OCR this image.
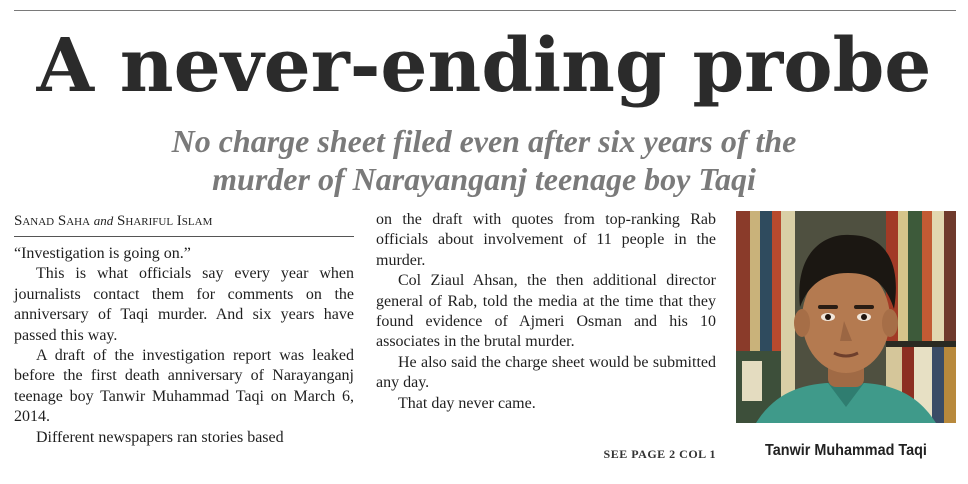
A never-ending probe
No charge sheet filed even after six years of the
murder of Narayanganj teenage boy Taqi
Sanad Saha and Shariful Islam

“Investigation is going on.”

This is what officials say every year when journalists contact them for comments on the anniversary of Taqi murder. And six years have passed this way.

A draft of the investigation report was leaked before the first death anniversary of Narayanganj teenage boy Tanwir Muhammad Taqi on March 6, 2014.

Different newspapers ran stories based

on the draft with quotes from top-ranking Rab officials about involvement of 11 people in the murder.

Col Ziaul Ahsan, the then additional director general of Rab, told the media at the time that they found evidence of Ajmeri Osman and his 10 associates in the brutal murder.

He also said the charge sheet would be submitted any day.

That day never came.

SEE PAGE 2 COL 1	Tanwir Muhammad Taqi
